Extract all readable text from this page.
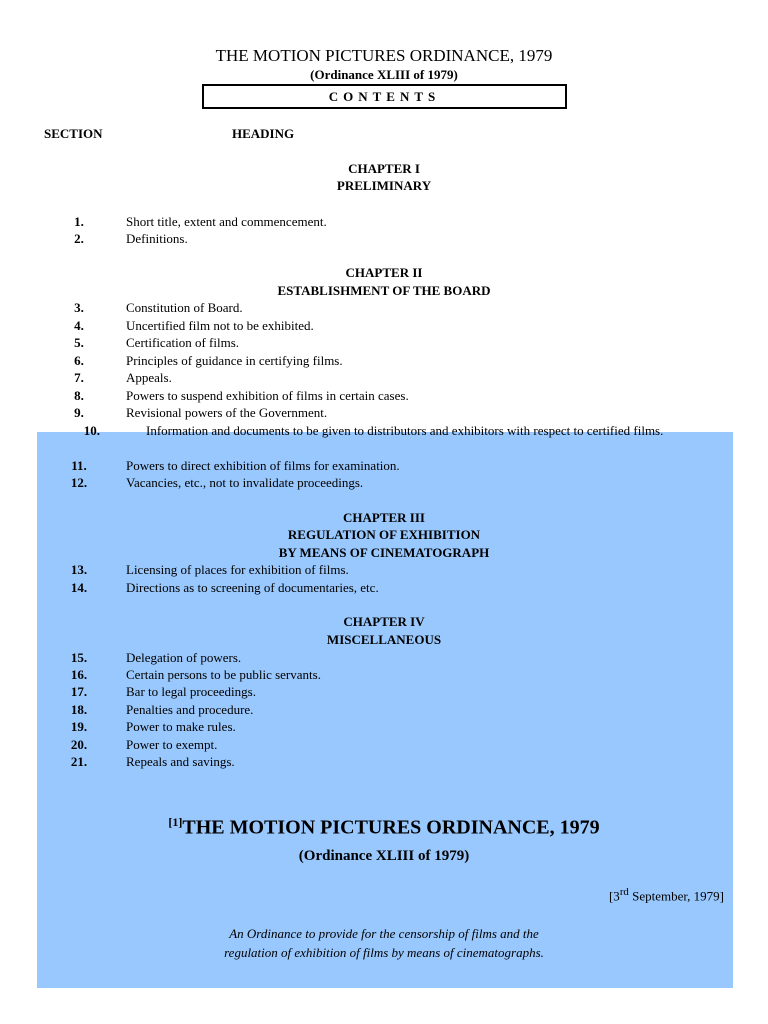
THE MOTION PICTURES ORDINANCE, 1979
(Ordinance XLIII of 1979)
CONTENTS
SECTION	HEADING
CHAPTER I
PRELIMINARY
1.	Short title, extent and commencement.
2.	Definitions.
CHAPTER II
ESTABLISHMENT OF THE BOARD
3.	Constitution of Board.
4.	Uncertified film not to be exhibited.
5.	Certification of films.
6.	Principles of guidance in certifying films.
7.	Appeals.
8.	Powers to suspend exhibition of films in certain cases.
9.	Revisional powers of the Government.
10.	Information and documents to be given to distributors and exhibitors with respect to certified films.
11.	Powers to direct exhibition of films for examination.
12.	Vacancies, etc., not to invalidate proceedings.
CHAPTER III
REGULATION OF EXHIBITION
BY MEANS OF CINEMATOGRAPH
13.	Licensing of places for exhibition of films.
14.	Directions as to screening of documentaries, etc.
CHAPTER IV
MISCELLANEOUS
15.	Delegation of powers.
16.	Certain persons to be public servants.
17.	Bar to legal proceedings.
18.	Penalties and procedure.
19.	Power to make rules.
20.	Power to exempt.
21.	Repeals and savings.
[1]THE MOTION PICTURES ORDINANCE, 1979
(Ordinance XLIII of 1979)
[3rd September, 1979]
An Ordinance to provide for the censorship of films and the
regulation of exhibition of films by means of cinematographs.
